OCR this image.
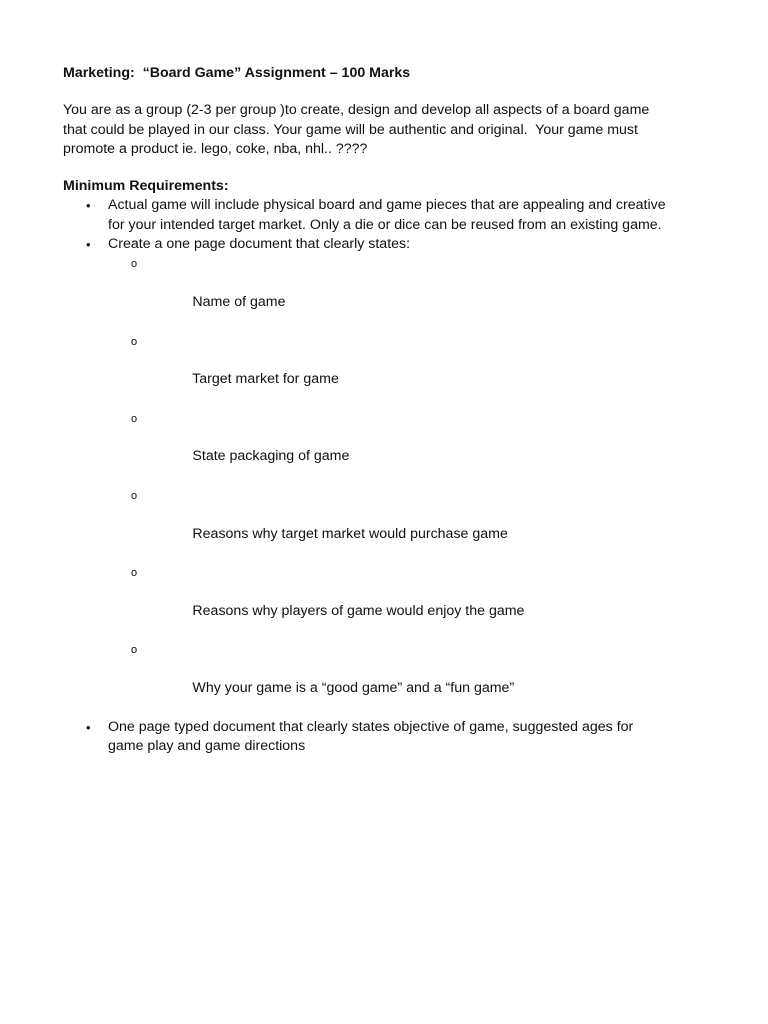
Marketing:  “Board Game” Assignment – 100 Marks

You are as a group (2-3 per group )to create, design and develop all aspects of a board game
that could be played in our class. Your game will be authentic and original.  Your game must
promote a product ie. lego, coke, nba, nhl.. ????

Minimum Requirements:

• Actual game will include physical board and game pieces that are appealing and creative
for your intended target market. Only a die or dice can be reused from an existing game.
• Create a one page document that clearly states:

o

Name of game

o

Target market for game

o

State packaging of game

o

Reasons why target market would purchase game

o

Reasons why players of game would enjoy the game

o

Why your game is a “good game” and a “fun game”

• One page typed document that clearly states objective of game, suggested ages for
game play and game directions
